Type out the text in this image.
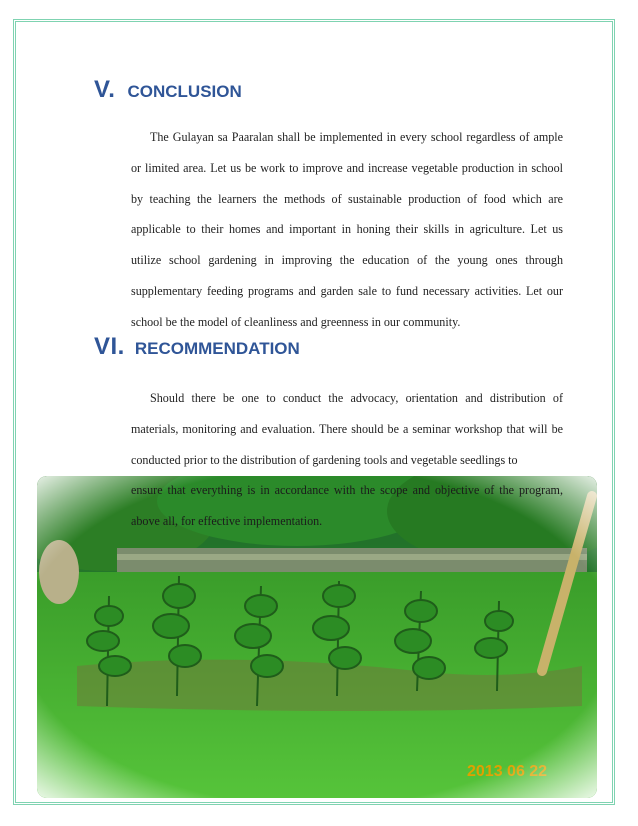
V. CONCLUSION

The Gulayan sa Paaralan shall be implemented in every school regardless of ample or limited area. Let us be work to improve and increase vegetable production in school by teaching the learners the methods of sustainable production of food which are applicable to their homes and important in honing their skills in agriculture. Let us utilize school gardening in improving the education of the young ones through supplementary feeding programs and garden sale to fund necessary activities. Let our school be the model of cleanliness and greenness in our community.

VI. RECOMMENDATION

Should there be one to conduct the advocacy, orientation and distribution of materials, monitoring and evaluation. There should be a seminar workshop that will be conducted prior to the distribution of gardening tools and vegetable seedlings to

ensure that everything is in accordance with the scope and objective of the program, above all, for effective implementation.
